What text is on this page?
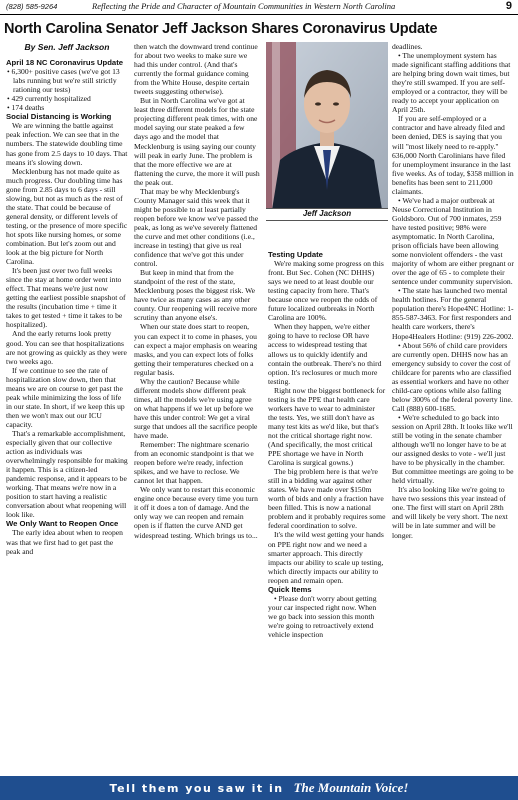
(828) 585-9264	Reflecting the Pride and Character of Mountain Communities in Western North Carolina	9
North Carolina Senator Jeff Jackson Shares Coronavirus Update
By Sen. Jeff Jackson

April 18 NC Coronavirus Update

• 6,300+ positive cases (we've got 13 labs running but we're still strictly rationing our tests)
• 429 currently hospitalized
• 174 deaths

Social Distancing is Working

We are winning the battle against peak infection. We can see that in the numbers. The statewide doubling time has gone from 2.5 days to 10 days. That means it's slowing down.

Mecklenburg has not made quite as much progress. Our doubling time has gone from 2.85 days to 6 days - still slowing, but not as much as the rest of the state. That could be because of general density, or different levels of testing, or the presence of more specific hot spots like nursing homes, or some combination. But let's zoom out and look at the big picture for North Carolina.

It's been just over two full weeks since the stay at home order went into effect. That means we're just now getting the earliest possible snapshot of the results (incubation time + time it takes to get tested + time it takes to be hospitalized).

And the early returns look pretty good. You can see that hospitalizations are not growing as quickly as they were two weeks ago.

If we continue to see the rate of hospitalization slow down, then that means we are on course to get past the peak while minimizing the loss of life in our state. In short, if we keep this up then we won't max out our ICU capacity.

That's a remarkable accomplishment, especially given that our collective action as individuals was overwhelmingly responsible for making it happen. This is a citizen-led pandemic response, and it appears to be working. That means we're now in a position to start having a realistic conversation about what reopening will look like.

We Only Want to Reopen Once

The early idea about when to reopen was that we first had to get past the peak and

then watch the downward trend continue for about two weeks to make sure we had this under control. (And that's currently the formal guidance coming from the White House, despite certain tweets suggesting otherwise).

But in North Carolina we've got at least three different models for the state projecting different peak times, with one model saying our state peaked a few days ago and the model that Mecklenburg is using saying our county will peak in early June. The problem is that the more effective we are at flattening the curve, the more it will push the peak out.

That may be why Mecklenburg's County Manager said this week that it might be possible to at least partially reopen before we know we've passed the peak, as long as we've severely flattened the curve and met other conditions (i.e., increase in testing) that give us real confidence that we've got this under control.

But keep in mind that from the standpoint of the rest of the state, Mecklenburg poses the biggest risk. We have twice as many cases as any other county. Our reopening will receive more scrutiny than anyone else's.

When our state does start to reopen, you can expect it to come in phases, you can expect a major emphasis on wearing masks, and you can expect lots of folks getting their temperatures checked on a regular basis.

Why the caution? Because while different models show different peak times, all the models we're using agree on what happens if we let up before we have this under control: We get a viral surge that undoes all the sacrifice people have made.

Remember: The nightmare scenario from an economic standpoint is that we reopen before we're ready, infection spikes, and we have to reclose. We cannot let that happen.

We only want to restart this economic engine once because every time you turn it off it does a ton of damage. And the only way we can reopen and remain open is if flatten the curve AND get widespread testing. Which brings us to...

Jeff Jackson

Testing Update

We're making some progress on this front. But Sec. Cohen (NC DHHS) says we need to at least double our testing capacity from here. That's because once we reopen the odds of future localized outbreaks in North Carolina are 100%.

When they happen, we're either going to have to reclose OR have access to widespread testing that allows us to quickly identify and contain the outbreak. There's no third option. It's reclosures or much more testing.

Right now the biggest bottleneck for testing is the PPE that health care workers have to wear to administer the tests. Yes, we still don't have as many test kits as we'd like, but that's not the critical shortage right now. (And specifically, the most critical PPE shortage we have in North Carolina is surgical gowns.)

The big problem here is that we're still in a bidding war against other states. We have made over $150m worth of bids and only a fraction have been filled. This is now a national problem and it probably requires some federal coordination to solve.

It's the wild west getting your hands on PPE right now and we need a smarter approach. This directly impacts our ability to scale up testing, which directly impacts our ability to reopen and remain open.

Quick Items

• Please don't worry about getting your car inspected right now. When we go back into session this month we're going to retroactively extend vehicle inspection

deadlines.

• The unemployment system has made significant staffing additions that are helping bring down wait times, but they're still swamped. If you are self-employed or a contractor, they will be ready to accept your application on April 25th.

If you are self-employed or a contractor and have already filed and been denied, DES is saying that you will "most likely need to re-apply." 636,000 North Carolinians have filed for unemployment insurance in the last five weeks. As of today, $358 million in benefits has been sent to 211,000 claimants.

• We've had a major outbreak at Neuse Correctional Institution in Goldsboro. Out of 700 inmates, 259 have tested positive; 98% were asymptomatic. In North Carolina, prison officials have been allowing some nonviolent offenders - the vast majority of whom are either pregnant or over the age of 65 - to complete their sentence under community supervision.

• The state has launched two mental health hotlines. For the general population there's Hope4NC Hotline: 1-855-587-3463. For first responders and health care workers, there's Hope4Healers Hotline: (919) 226-2002.

• About 56% of child care providers are currently open. DHHS now has an emergency subsidy to cover the cost of childcare for parents who are classified as essential workers and have no other child-care options while also falling below 300% of the federal poverty line. Call (888) 600-1685.

• We're scheduled to go back into session on April 28th. It looks like we'll still be voting in the senate chamber although we'll no longer have to be at our assigned desks to vote - we'll just have to be physically in the chamber. But committee meetings are going to be held virtually.

It's also looking like we're going to have two sessions this year instead of one. The first will start on April 28th and will likely be very short. The next will be in late summer and will be longer.

Tell them you saw it in The Mountain Voice!
